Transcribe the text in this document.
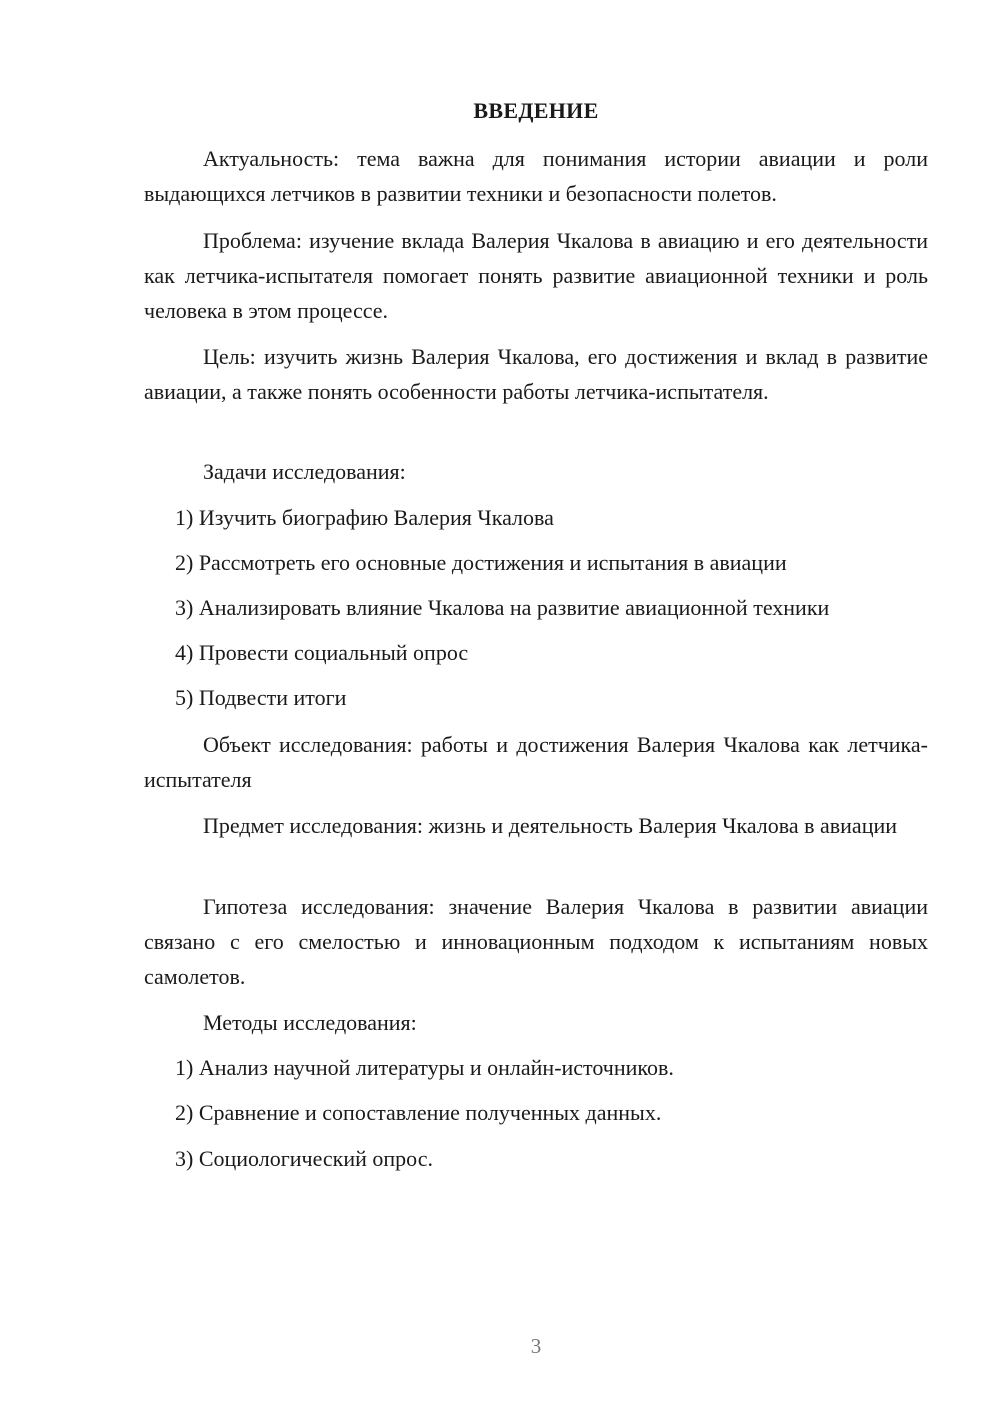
ВВЕДЕНИЕ

Актуальность: тема важна для понимания истории авиации и роли выдающихся летчиков в развитии техники и безопасности полетов.

Проблема: изучение вклада Валерия Чкалова в авиацию и его деятельности как летчика-испытателя помогает понять развитие авиационной техники и роль человека в этом процессе.

Цель: изучить жизнь Валерия Чкалова, его достижения и вклад в развитие авиации, а также понять особенности работы летчика-испытателя.

Задачи исследования:

1) Изучить биографию Валерия Чкалова

2) Рассмотреть его основные достижения и испытания в авиации

3) Анализировать влияние Чкалова на развитие авиационной техники

4) Провести социальный опрос

5) Подвести итоги

Объект исследования: работы и достижения Валерия Чкалова как летчика-испытателя

Предмет исследования: жизнь и деятельность Валерия Чкалова в авиации

Гипотеза исследования: значение Валерия Чкалова в развитии авиации связано с его смелостью и инновационным подходом к испытаниям новых самолетов.

Методы исследования:

1) Анализ научной литературы и онлайн-источников.

2) Сравнение и сопоставление полученных данных.

3) Социологический опрос.

3
